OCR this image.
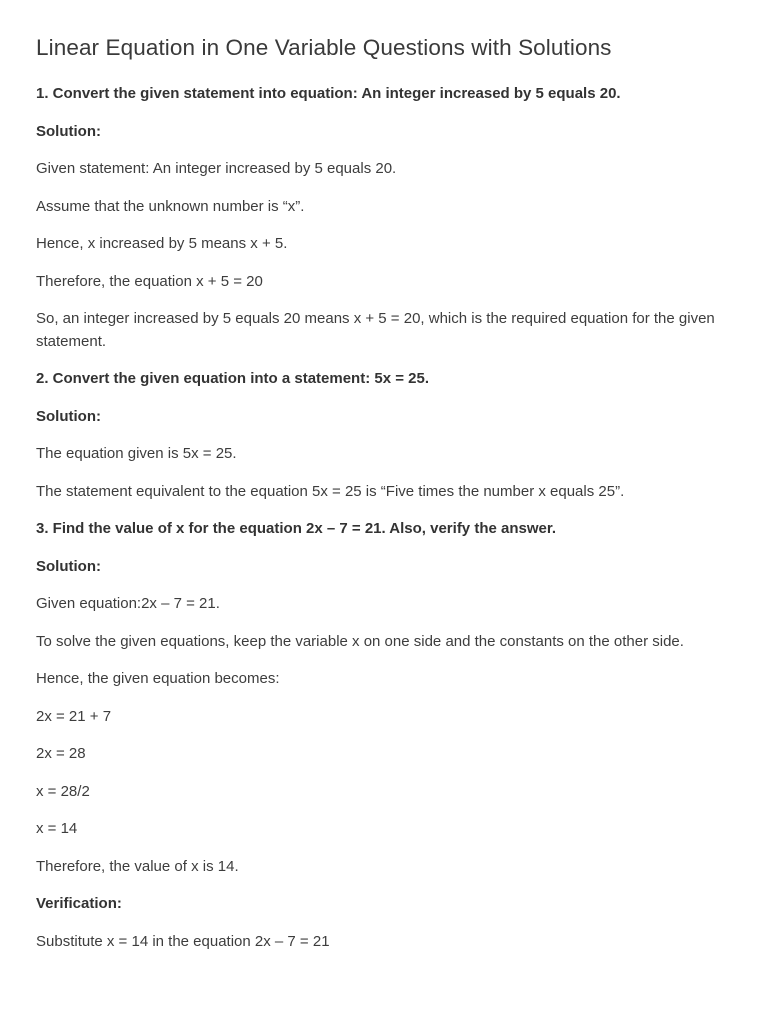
Linear Equation in One Variable Questions with Solutions

1. Convert the given statement into equation: An integer increased by 5 equals 20.

Solution:

Given statement: An integer increased by 5 equals 20.

Assume that the unknown number is “x”.

Hence, x increased by 5 means x + 5.

Therefore, the equation x + 5 = 20

So, an integer increased by 5 equals 20 means x + 5 = 20, which is the required equation for the given statement.

2. Convert the given equation into a statement: 5x = 25.

Solution:

The equation given is 5x = 25.

The statement equivalent to the equation 5x = 25 is “Five times the number x equals 25”.

3. Find the value of x for the equation 2x – 7 = 21. Also, verify the answer.

Solution:

Given equation:2x – 7 = 21.

To solve the given equations, keep the variable x on one side and the constants on the other side.

Hence, the given equation becomes:

2x = 21 + 7

2x = 28

x = 28/2

x = 14

Therefore, the value of x is 14.

Verification:

Substitute x = 14 in the equation 2x – 7 = 21
